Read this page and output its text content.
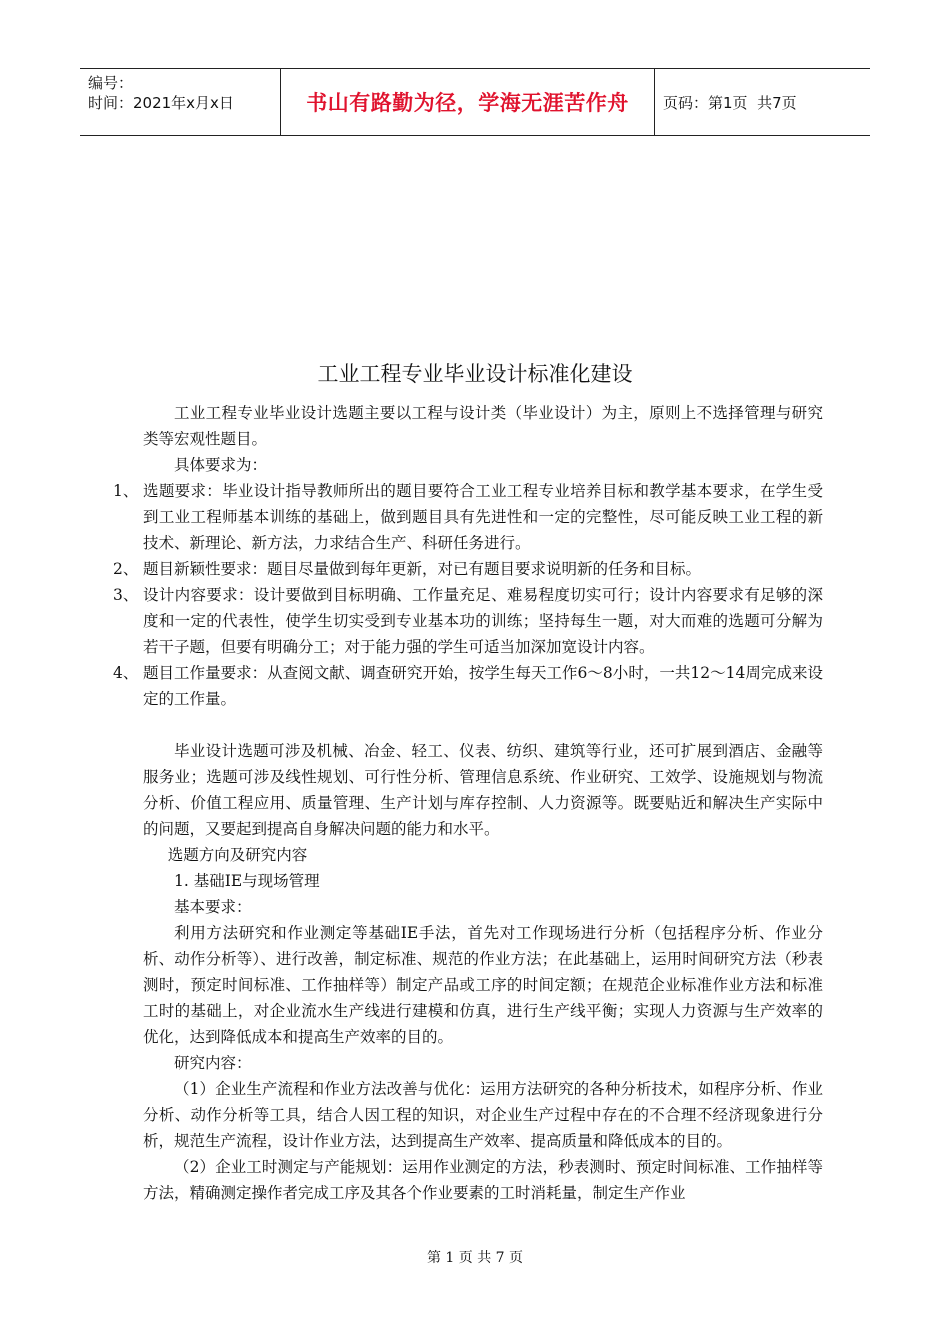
编号：
时间：2021年x月x日	书山有路勤为径，学海无涯苦作舟 页码：第1页  共7页
工业工程专业毕业设计标准化建设

工业工程专业毕业设计选题主要以工程与设计类（毕业设计）为主，原则上不选择管理与研究类等宏观性题目。

具体要求为：

1、 选题要求：毕业设计指导教师所出的题目要符合工业工程专业培养目标和教学基本要求，在学生受到工业工程师基本训练的基础上，做到题目具有先进性和一定的完整性，尽可能反映工业工程的新技术、新理论、新方法，力求结合生产、科研任务进行。
2、 题目新颖性要求：题目尽量做到每年更新，对已有题目要求说明新的任务和目标。
3、 设计内容要求：设计要做到目标明确、工作量充足、难易程度切实可行；设计内容要求有足够的深度和一定的代表性，使学生切实受到专业基本功的训练；坚持每生一题，对大而难的选题可分解为若干子题，但要有明确分工；对于能力强的学生可适当加深加宽设计内容。
4、 题目工作量要求：从查阅文献、调查研究开始，按学生每天工作6～8小时，一共12～14周完成来设定的工作量。

毕业设计选题可涉及机械、冶金、轻工、仪表、纺织、建筑等行业，还可扩展到酒店、金融等服务业；选题可涉及线性规划、可行性分析、管理信息系统、作业研究、工效学、设施规划与物流分析、价值工程应用、质量管理、生产计划与库存控制、人力资源等。既要贴近和解决生产实际中的问题，又要起到提高自身解决问题的能力和水平。

选题方向及研究内容

1. 基础IE与现场管理

基本要求：

利用方法研究和作业测定等基础IE手法，首先对工作现场进行分析（包括程序分析、作业分析、动作分析等）、进行改善，制定标准、规范的作业方法；在此基础上，运用时间研究方法（秒表测时，预定时间标准、工作抽样等）制定产品或工序的时间定额；在规范企业标准作业方法和标准工时的基础上，对企业流水生产线进行建模和仿真，进行生产线平衡；实现人力资源与生产效率的优化，达到降低成本和提高生产效率的目的。

研究内容：

（1）企业生产流程和作业方法改善与优化：运用方法研究的各种分析技术，如程序分析、作业分析、动作分析等工具，结合人因工程的知识，对企业生产过程中存在的不合理不经济现象进行分析，规范生产流程，设计作业方法，达到提高生产效率、提高质量和降低成本的目的。

（2）企业工时测定与产能规划：运用作业测定的方法，秒表测时、预定时间标准、工作抽样等方法，精确测定操作者完成工序及其各个作业要素的工时消耗量，制定生产作业

第 1 页 共 7 页
